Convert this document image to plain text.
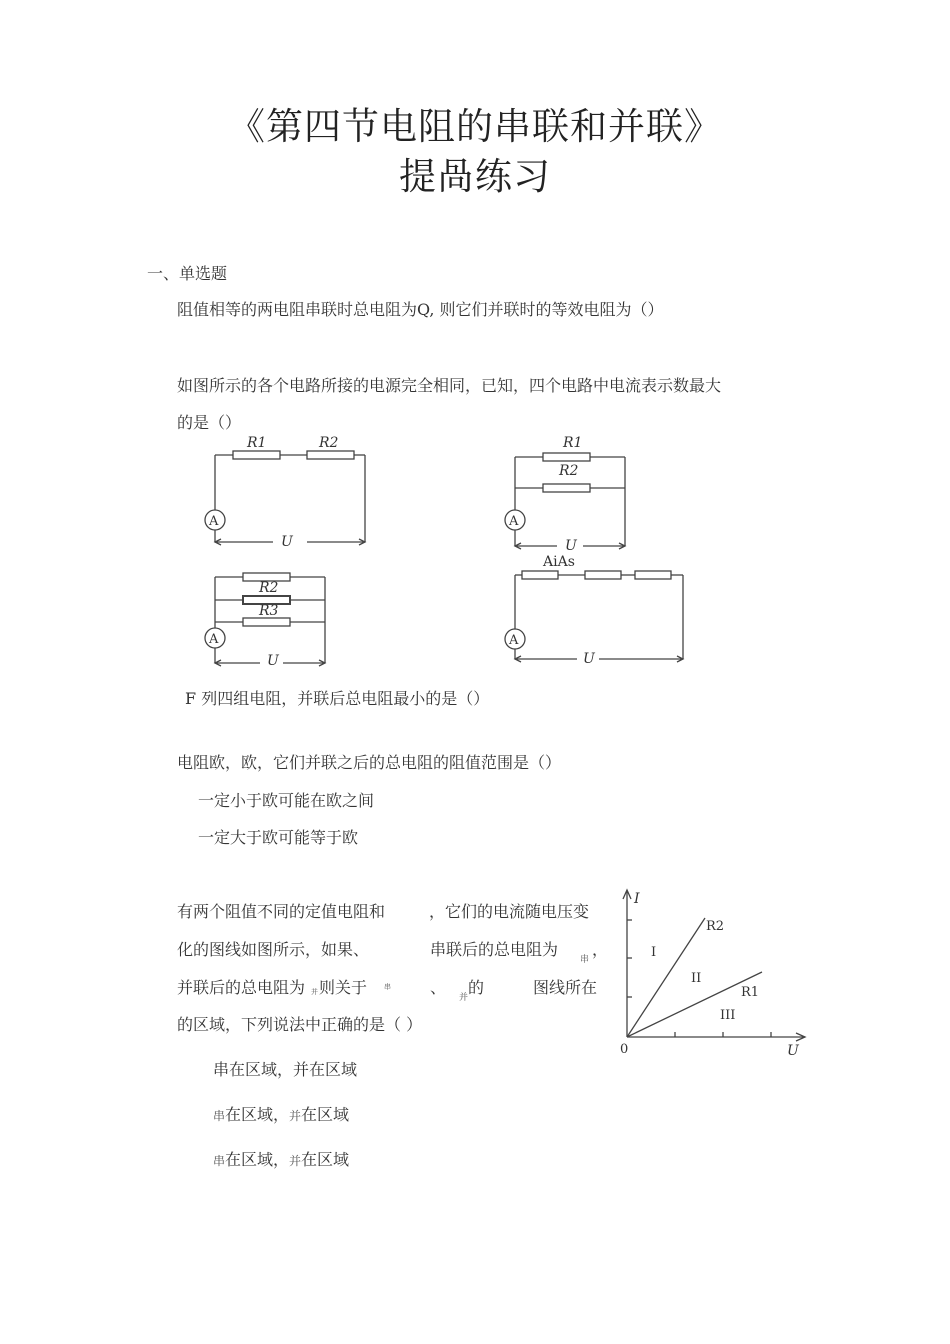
《第四节电阻的串联和并联》
提咼练习
一、单选题
阻值相等的两电阻串联时总电阻为Q, 则它们并联时的等效电阻为（）
如图所示的各个电路所接的电源完全相同，已知，四个电路中电流表示数最大
的是（）
A
R1	R2
U
A
R1
R2
U
A
R2
R3
U
A
AiAs
U
F 列四组电阻，并联后总电阻最小的是（）
电阻欧，欧，它们并联之后的总电阻的阻值范围是（）
一定小于欧可能在欧之间
一定大于欧可能等于欧
有两个阻值不同的定值电阻和	，它们的电流随电压变
化的图线如图所示，如果、	串联后的总电阻为
串
，
并联后的总电阻为 并 则关于 串 、
并
的	图线所在
的区域，下列说法中正确的是（ ）
串在区域，并在区域
串在区域，并在区域
串在区域，并在区域
I
U
0
R2
R1
I
II
III
